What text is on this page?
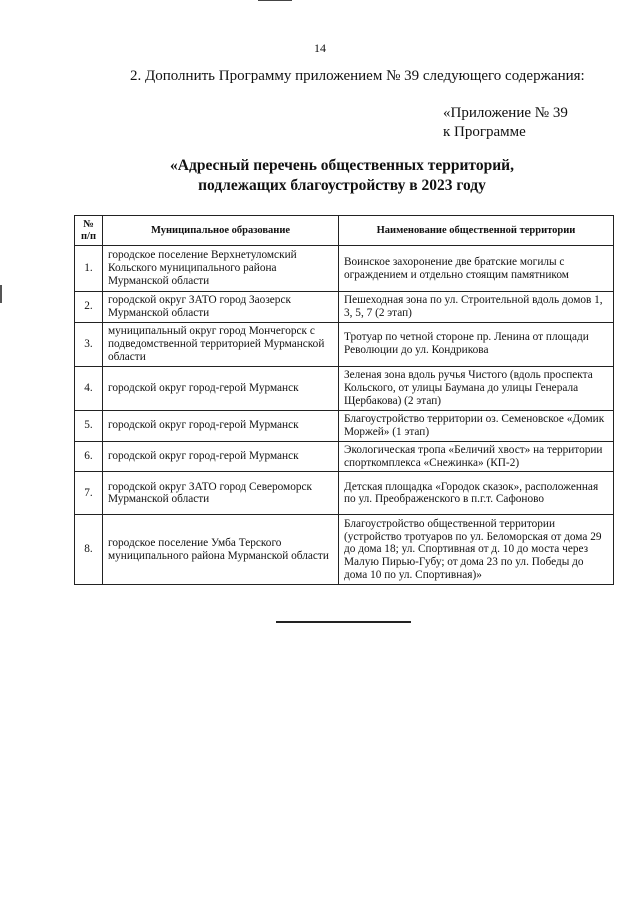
14
2. Дополнить Программу приложением № 39 следующего содержания:
«Приложение № 39
к Программе
«Адресный перечень общественных территорий,
подлежащих благоустройству в 2023 году
№
п/п	Муниципальное образование	Наименование общественной территории
1.	городское поселение Верхнетуломский Кольского муниципального района Мурманской области	Воинское захоронение две братские могилы с ограждением и отдельно стоящим памятником
2.	городской округ ЗАТО город Заозерск Мурманской области	Пешеходная зона по ул. Строительной вдоль домов 1, 3, 5, 7 (2 этап)
3.	муниципальный округ город Мончегорск с подведомственной территорией Мурманской области	Тротуар по четной стороне пр. Ленина от площади Революции до ул. Кондрикова
4.	городской округ город-герой Мурманск	Зеленая зона вдоль ручья Чистого (вдоль проспекта Кольского, от улицы Баумана до улицы Генерала Щербакова) (2 этап)
5.	городской округ город-герой Мурманск	Благоустройство территории оз. Семеновское «Домик Моржей» (1 этап)
6.	городской округ город-герой Мурманск	Экологическая тропа «Беличий хвост» на территории спорткомплекса «Снежинка» (КП-2)
7.	городской округ ЗАТО город Североморск Мурманской области	Детская площадка «Городок сказок», расположенная по ул. Преображенского в п.г.т. Сафоново
8.	городское поселение Умба Терского муниципального района Мурманской области	Благоустройство общественной территории (устройство тротуаров по ул. Беломорская от дома 29 до дома 18; ул. Спортивная от д. 10 до моста через Малую Пирью-Губу; от дома 23 по ул. Победы до дома 10 по ул. Спортивная)»
